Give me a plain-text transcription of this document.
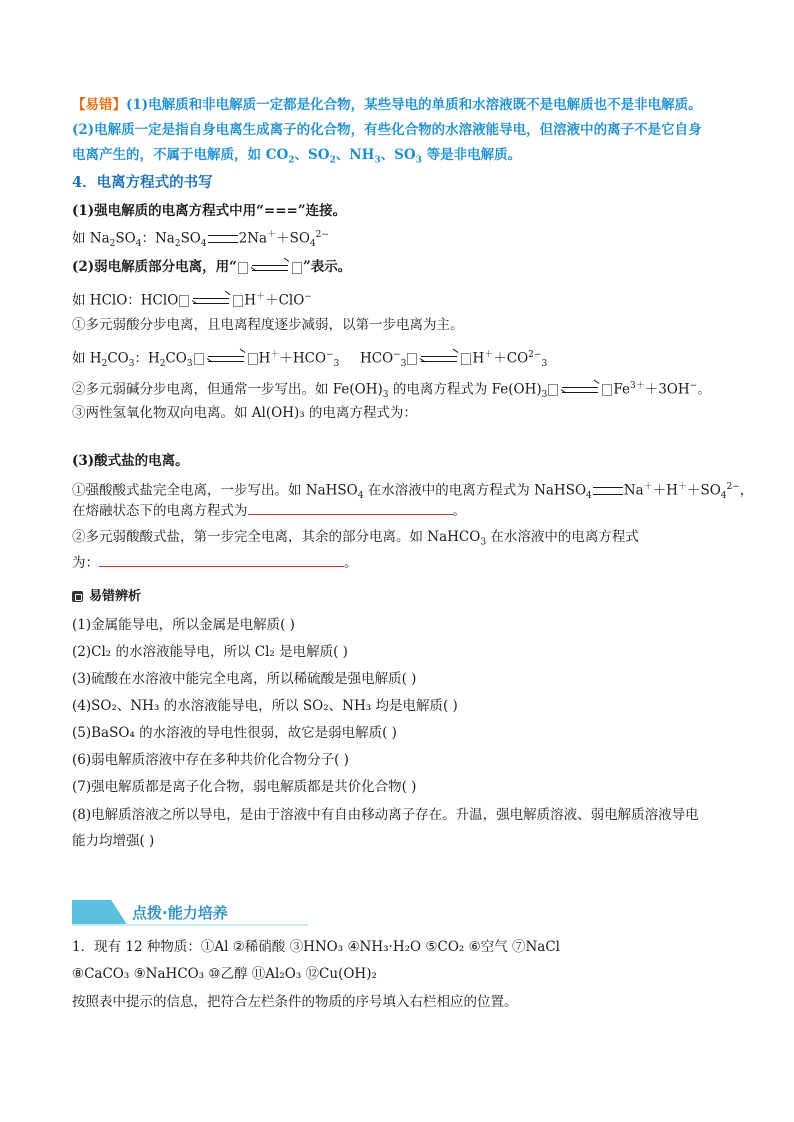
【易错】(1)电解质和非电解质一定都是化合物，某些导电的单质和水溶液既不是电解质也不是非电解质。
(2)电解质一定是指自身电离生成离子的化合物，有些化合物的水溶液能导电，但溶液中的离子不是它自身
电离产生的，不属于电解质，如 $CO_2$、$SO_2$、$NH_3$、$SO_3$ 等是非电解质。
4．电离方程式的书写
(1)强电解质的电离方程式中用“===”连接。
如 $Na_2SO_4$：$Na_2SO_4$ $2Na^++SO_4^{2-}$
(2)弱电解质部分电离，用“	”表示。
如 HClO：HClO	H＋＋ClO−
①多元弱酸分步电离，且电离程度逐步减弱，以第一步电离为主。
如 $H_2CO_3$：$H_2CO_3$	$H^++HCO^-_3$	$HCO^-_3$	$H^++CO^{2-}_3$
②多元弱碱分步电离，但通常一步写出。如 $Fe(OH)_3$ 的电离方程式为 $Fe(OH)_3$	$Fe^{3+}+3OH^-$。
③两性氢氧化物双向电离。如 Al(OH)₃ 的电离方程式为：
(3)酸式盐的电离。
①强酸酸式盐完全电离，一步写出。如 NaHSO$_4$ 在水溶液中的电离方程式为 NaHSO$_4$ $Na^++H^++SO_4^{2-}$，
在熔融状态下的电离方程式为	。
②多元弱酸酸式盐，第一步完全电离，其余的部分电离。如 NaHCO$_3$ 在水溶液中的电离方程式
为：	。
易错辨析
(1)金属能导电，所以金属是电解质( )
(2)Cl₂ 的水溶液能导电，所以 Cl₂ 是电解质( )
(3)硫酸在水溶液中能完全电离，所以稀硫酸是强电解质( )
(4)SO₂、NH₃ 的水溶液能导电，所以 SO₂、NH₃ 均是电解质( )
(5)BaSO₄ 的水溶液的导电性很弱，故它是弱电解质( )
(6)弱电解质溶液中存在多种共价化合物分子( )
(7)强电解质都是离子化合物，弱电解质都是共价化合物( )
(8)电解质溶液之所以导电，是由于溶液中有自由移动离子存在。升温，强电解质溶液、弱电解质溶液导电
能力均增强( )
点拨·能力培养
1．现有 12 种物质：①Al ②稀硝酸 ③HNO₃ ④NH₃·H₂O ⑤CO₂ ⑥空气 ⑦NaCl
⑧CaCO₃ ⑨NaHCO₃ ⑩乙醇 ⑪Al₂O₃ ⑫Cu(OH)₂
按照表中提示的信息，把符合左栏条件的物质的序号填入右栏相应的位置。
